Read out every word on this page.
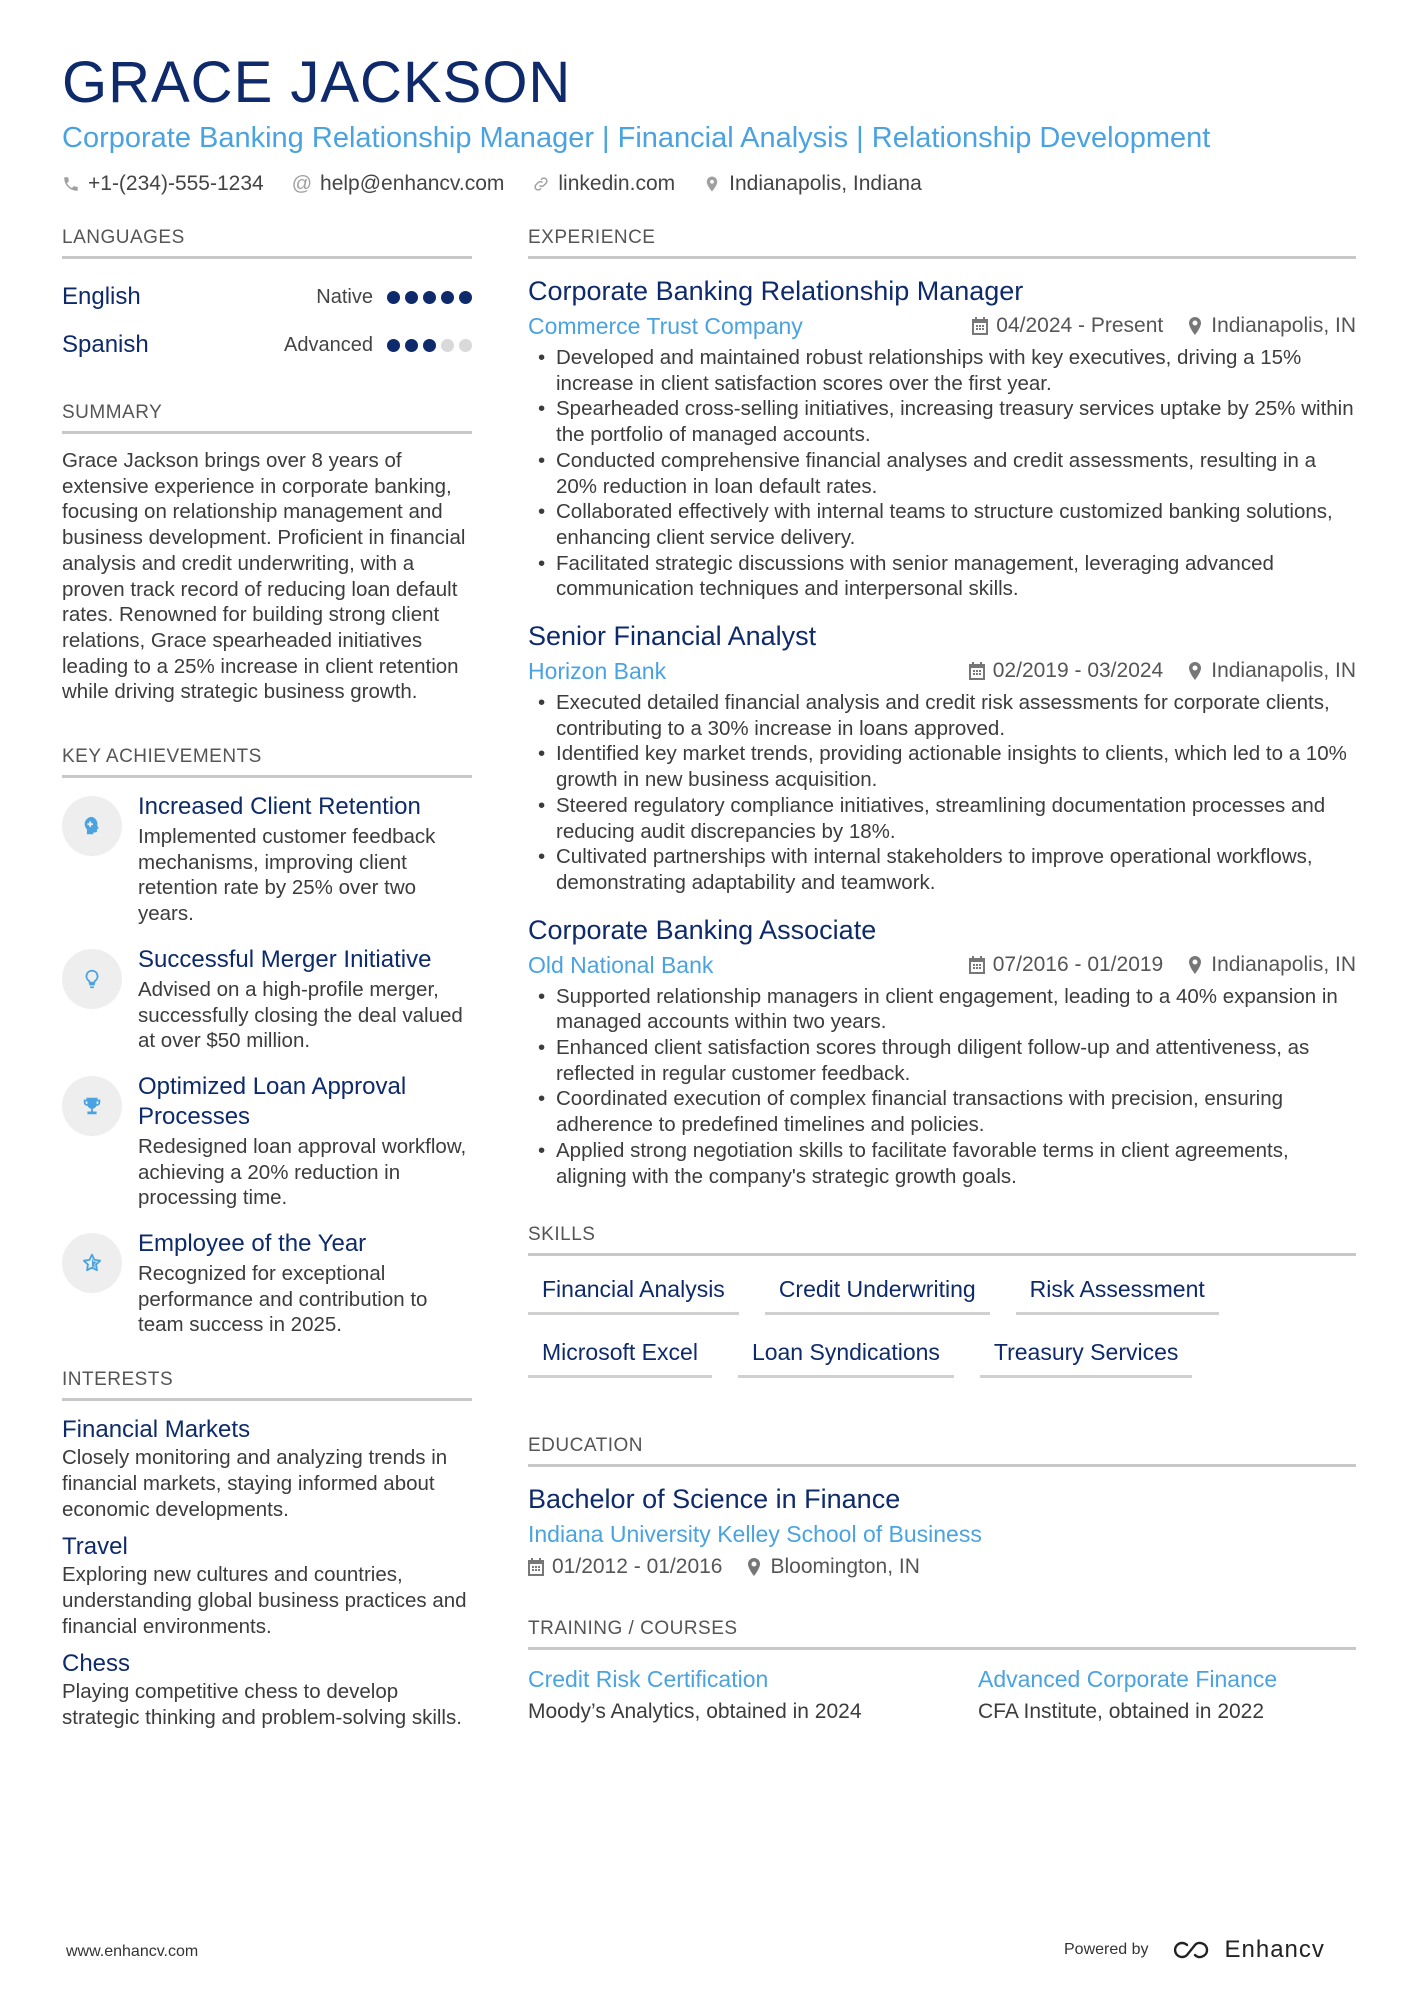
GRACE JACKSON
Corporate Banking Relationship Manager | Financial Analysis | Relationship Development
+1-(234)-555-1234 @ help@enhancv.com	linkedin.com	Indianapolis, Indiana
LANGUAGES
English	Native
Spanish	Advanced
SUMMARY
Grace Jackson brings over 8 years of extensive experience in corporate banking, focusing on relationship management and business development. Proficient in financial analysis and credit underwriting, with a proven track record of reducing loan default rates. Renowned for building strong client relations, Grace spearheaded initiatives leading to a 25% increase in client retention while driving strategic business growth.
KEY ACHIEVEMENTS
Increased Client Retention
Implemented customer feedback mechanisms, improving client retention rate by 25% over two years.
Successful Merger Initiative
Advised on a high-profile merger, successfully closing the deal valued at over $50 million.
Optimized Loan Approval Processes
Redesigned loan approval workflow, achieving a 20% reduction in processing time.
Employee of the Year
Recognized for exceptional performance and contribution to team success in 2025.
INTERESTS
Financial Markets
Closely monitoring and analyzing trends in financial markets, staying informed about economic developments.
Travel
Exploring new cultures and countries, understanding global business practices and financial environments.
Chess
Playing competitive chess to develop strategic thinking and problem-solving skills.
EXPERIENCE
Corporate Banking Relationship Manager
Commerce Trust Company	04/2024 - Present Indianapolis, IN
• Developed and maintained robust relationships with key executives, driving a 15% increase in client satisfaction scores over the first year.
• Spearheaded cross-selling initiatives, increasing treasury services uptake by 25% within the portfolio of managed accounts.
• Conducted comprehensive financial analyses and credit assessments, resulting in a 20% reduction in loan default rates.
• Collaborated effectively with internal teams to structure customized banking solutions, enhancing client service delivery.
• Facilitated strategic discussions with senior management, leveraging advanced communication techniques and interpersonal skills.
Senior Financial Analyst
Horizon Bank	02/2019 - 03/2024 Indianapolis, IN
• Executed detailed financial analysis and credit risk assessments for corporate clients, contributing to a 30% increase in loans approved.
• Identified key market trends, providing actionable insights to clients, which led to a 10% growth in new business acquisition.
• Steered regulatory compliance initiatives, streamlining documentation processes and reducing audit discrepancies by 18%.
• Cultivated partnerships with internal stakeholders to improve operational workflows, demonstrating adaptability and teamwork.
Corporate Banking Associate
Old National Bank	07/2016 - 01/2019 Indianapolis, IN
• Supported relationship managers in client engagement, leading to a 40% expansion in managed accounts within two years.
• Enhanced client satisfaction scores through diligent follow-up and attentiveness, as reflected in regular customer feedback.
• Coordinated execution of complex financial transactions with precision, ensuring adherence to predefined timelines and policies.
• Applied strong negotiation skills to facilitate favorable terms in client agreements, aligning with the company's strategic growth goals.
SKILLS
Financial Analysis	Credit Underwriting	Risk Assessment
Microsoft Excel	Loan Syndications	Treasury Services
EDUCATION
Bachelor of Science in Finance
Indiana University Kelley School of Business
01/2012 - 01/2016 Bloomington, IN
TRAINING / COURSES
Credit Risk Certification
Moody’s Analytics, obtained in 2024
Advanced Corporate Finance
CFA Institute, obtained in 2022
www.enhancv.com	Powered by	Enhancv
